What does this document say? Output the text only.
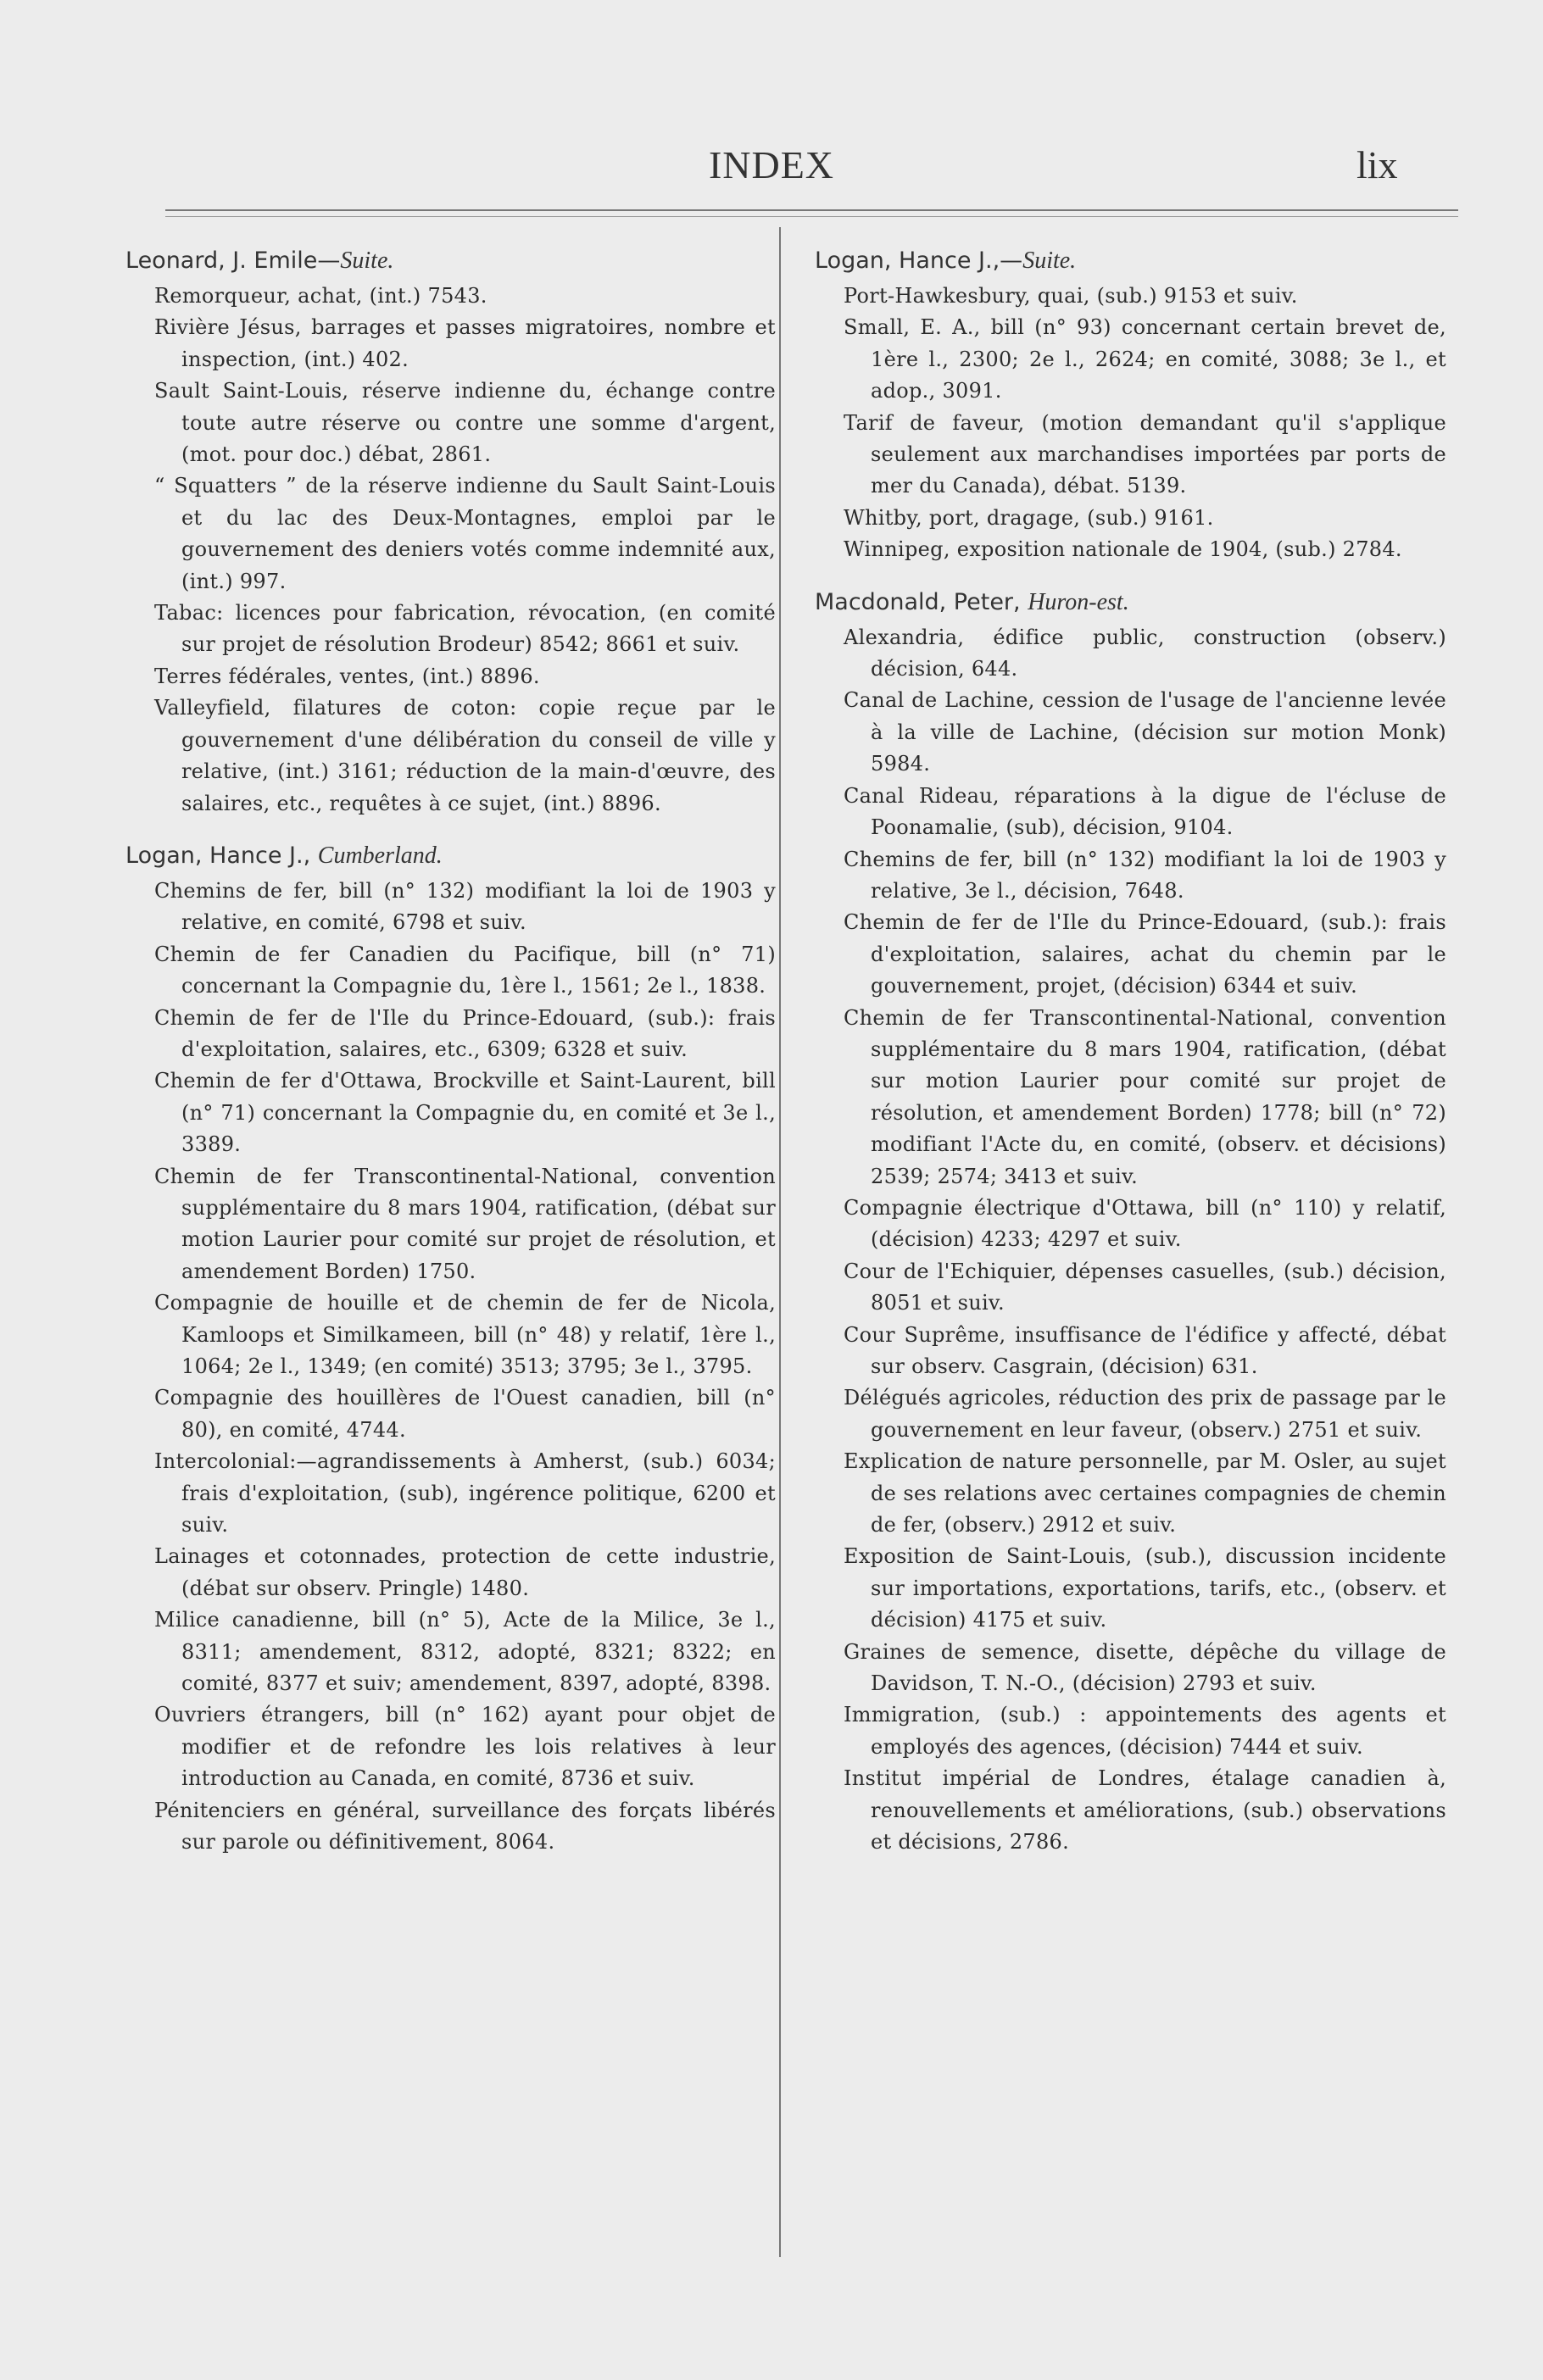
INDEX	lix
Leonard, J. Emile—Suite.

Remorqueur, achat, (int.) 7543.

Rivière Jésus, barrages et passes migratoires, nombre et inspection, (int.) 402.

Sault Saint-Louis, réserve indienne du, échange contre toute autre réserve ou contre une somme d'argent, (mot. pour doc.) débat, 2861.

“ Squatters ” de la réserve indienne du Sault Saint-Louis et du lac des Deux-Montagnes, emploi par le gouvernement des deniers votés comme indemnité aux, (int.) 997.

Tabac: licences pour fabrication, révocation, (en comité sur projet de résolution Brodeur) 8542; 8661 et suiv.

Terres fédérales, ventes, (int.) 8896.

Valleyfield, filatures de coton: copie reçue par le gouvernement d'une délibération du conseil de ville y relative, (int.) 3161; réduction de la main-d'œuvre, des salaires, etc., requêtes à ce sujet, (int.) 8896.

Logan, Hance J., Cumberland.

Chemins de fer, bill (n° 132) modifiant la loi de 1903 y relative, en comité, 6798 et suiv.

Chemin de fer Canadien du Pacifique, bill (n° 71) concernant la Compagnie du, 1ère l., 1561; 2e l., 1838.

Chemin de fer de l'Ile du Prince-Edouard, (sub.): frais d'exploitation, salaires, etc., 6309; 6328 et suiv.

Chemin de fer d'Ottawa, Brockville et Saint-Laurent, bill (n° 71) concernant la Compagnie du, en comité et 3e l., 3389.

Chemin de fer Transcontinental-National, convention supplémentaire du 8 mars 1904, ratification, (débat sur motion Laurier pour comité sur projet de résolution, et amendement Borden) 1750.

Compagnie de houille et de chemin de fer de Nicola, Kamloops et Similkameen, bill (n° 48) y relatif, 1ère l., 1064; 2e l., 1349; (en comité) 3513; 3795; 3e l., 3795.

Compagnie des houillères de l'Ouest canadien, bill (n° 80), en comité, 4744.

Intercolonial:—agrandissements à Amherst, (sub.) 6034; frais d'exploitation, (sub), ingérence politique, 6200 et suiv.

Lainages et cotonnades, protection de cette industrie, (débat sur observ. Pringle) 1480.

Milice canadienne, bill (n° 5), Acte de la Milice, 3e l., 8311; amendement, 8312, adopté, 8321; 8322; en comité, 8377 et suiv; amendement, 8397, adopté, 8398.

Ouvriers étrangers, bill (n° 162) ayant pour objet de modifier et de refondre les lois relatives à leur introduction au Canada, en comité, 8736 et suiv.

Pénitenciers en général, surveillance des forçats libérés sur parole ou définitivement, 8064.

Logan, Hance J.,—Suite.

Port-Hawkesbury, quai, (sub.) 9153 et suiv.

Small, E. A., bill (n° 93) concernant certain brevet de, 1ère l., 2300; 2e l., 2624; en comité, 3088; 3e l., et adop., 3091.

Tarif de faveur, (motion demandant qu'il s'applique seulement aux marchandises importées par ports de mer du Canada), débat. 5139.

Whitby, port, dragage, (sub.) 9161.

Winnipeg, exposition nationale de 1904, (sub.) 2784.

Macdonald, Peter, Huron-est.

Alexandria, édifice public, construction (observ.) décision, 644.

Canal de Lachine, cession de l'usage de l'ancienne levée à la ville de Lachine, (décision sur motion Monk) 5984.

Canal Rideau, réparations à la digue de l'écluse de Poonamalie, (sub), décision, 9104.

Chemins de fer, bill (n° 132) modifiant la loi de 1903 y relative, 3e l., décision, 7648.

Chemin de fer de l'Ile du Prince-Edouard, (sub.): frais d'exploitation, salaires, achat du chemin par le gouvernement, projet, (décision) 6344 et suiv.

Chemin de fer Transcontinental-National, convention supplémentaire du 8 mars 1904, ratification, (débat sur motion Laurier pour comité sur projet de résolution, et amendement Borden) 1778; bill (n° 72) modifiant l'Acte du, en comité, (observ. et décisions) 2539; 2574; 3413 et suiv.

Compagnie électrique d'Ottawa, bill (n° 110) y relatif, (décision) 4233; 4297 et suiv.

Cour de l'Echiquier, dépenses casuelles, (sub.) décision, 8051 et suiv.

Cour Suprême, insuffisance de l'édifice y affecté, débat sur observ. Casgrain, (décision) 631.

Délégués agricoles, réduction des prix de passage par le gouvernement en leur faveur, (observ.) 2751 et suiv.

Explication de nature personnelle, par M. Osler, au sujet de ses relations avec certaines compagnies de chemin de fer, (observ.) 2912 et suiv.

Exposition de Saint-Louis, (sub.), discussion incidente sur importations, exportations, tarifs, etc., (observ. et décision) 4175 et suiv.

Graines de semence, disette, dépêche du village de Davidson, T. N.-O., (décision) 2793 et suiv.

Immigration, (sub.) : appointements des agents et employés des agences, (décision) 7444 et suiv.

Institut impérial de Londres, étalage canadien à, renouvellements et améliorations, (sub.) observations et décisions, 2786.
